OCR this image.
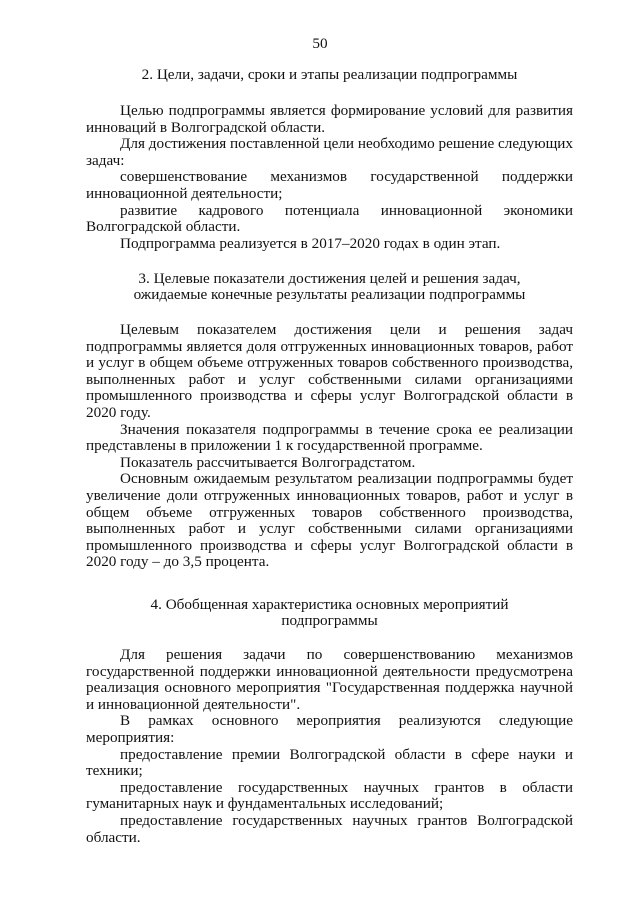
50
2. Цели, задачи, сроки и этапы реализации подпрограммы

Целью подпрограммы является формирование условий для развития инноваций в Волгоградской области.

Для достижения поставленной цели необходимо решение следующих задач:

совершенствование механизмов государственной поддержки инновационной деятельности;

развитие кадрового потенциала инновационной экономики Волгоградской области.

Подпрограмма реализуется в 2017–2020 годах в один этап.

3. Целевые показатели достижения целей и решения задач,
ожидаемые конечные результаты реализации подпрограммы

Целевым показателем достижения цели и решения задач подпрограммы является доля отгруженных инновационных товаров, работ и услуг в общем объеме отгруженных товаров собственного производства, выполненных работ и услуг собственными силами организациями промышленного производства и сферы услуг Волгоградской области в 2020 году.

Значения показателя подпрограммы в течение срока ее реализации представлены в приложении 1 к государственной программе.

Показатель рассчитывается Волгоградстатом.

Основным ожидаемым результатом реализации подпрограммы будет увеличение доли отгруженных инновационных товаров, работ и услуг в общем объеме отгруженных товаров собственного производства, выполненных работ и услуг собственными силами организациями промышленного производства и сферы услуг Волгоградской области в 2020 году – до 3,5 процента.

4. Обобщенная характеристика основных мероприятий
подпрограммы

Для решения задачи по совершенствованию механизмов государственной поддержки инновационной деятельности предусмотрена реализация основного мероприятия "Государственная поддержка научной и инновационной деятельности".

В рамках основного мероприятия реализуются следующие мероприятия:

предоставление премии Волгоградской области в сфере науки и техники;

предоставление государственных научных грантов в области гуманитарных наук и фундаментальных исследований;

предоставление государственных научных грантов Волгоградской области.
